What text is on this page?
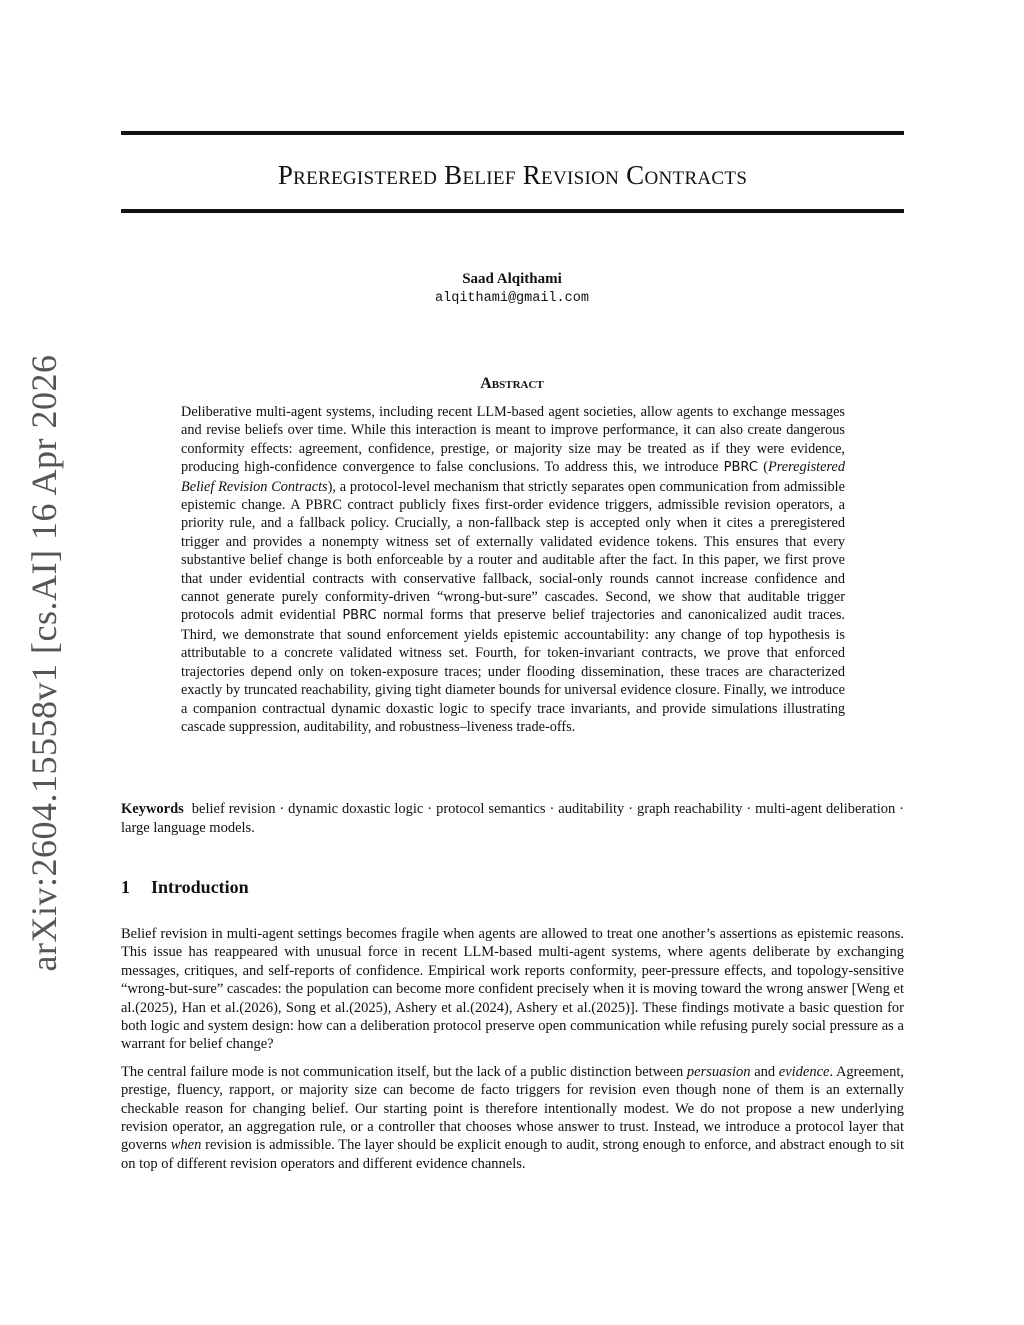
Preregistered Belief Revision Contracts
Saad Alqithami
alqithami@gmail.com
arXiv:2604.15558v1 [cs.AI] 16 Apr 2026	Abstract
Deliberative multi-agent systems, including recent LLM-based agent societies, allow agents to exchange messages and revise beliefs over time. While this interaction is meant to improve performance, it can also create dangerous conformity effects: agreement, confidence, prestige, or majority size may be treated as if they were evidence, producing high-confidence convergence to false conclusions. To address this, we introduce PBRC (Preregistered Belief Revision Contracts), a protocol-level mechanism that strictly separates open communication from admissible epistemic change. A PBRC contract publicly fixes first-order evidence triggers, admissible revision operators, a priority rule, and a fallback policy. Crucially, a non-fallback step is accepted only when it cites a preregistered trigger and provides a nonempty witness set of externally validated evidence tokens. This ensures that every substantive belief change is both enforceable by a router and auditable after the fact. In this paper, we first prove that under evidential contracts with conservative fallback, social-only rounds cannot increase confidence and cannot generate purely conformity-driven “wrong-but-sure” cascades. Second, we show that auditable trigger protocols admit evidential PBRC normal forms that preserve belief trajectories and canonicalized audit traces. Third, we demonstrate that sound enforcement yields epistemic accountability: any change of top hypothesis is attributable to a concrete validated witness set. Fourth, for token-invariant contracts, we prove that enforced trajectories depend only on token-exposure traces; under flooding dissemination, these traces are characterized exactly by truncated reachability, giving tight diameter bounds for universal evidence closure. Finally, we introduce a companion contractual dynamic doxastic logic to specify trace invariants, and provide simulations illustrating cascade suppression, auditability, and robustness–liveness trade-offs.
Keywords belief revision · dynamic doxastic logic · protocol semantics · auditability · graph reachability · multi-agent deliberation · large language models.
1 Introduction

Belief revision in multi-agent settings becomes fragile when agents are allowed to treat one another’s assertions as epistemic reasons. This issue has reappeared with unusual force in recent LLM-based multi-agent systems, where agents deliberate by exchanging messages, critiques, and self-reports of confidence. Empirical work reports conformity, peer-pressure effects, and topology-sensitive “wrong-but-sure” cascades: the population can become more confident precisely when it is moving toward the wrong answer [Weng et al.(2025), Han et al.(2026), Song et al.(2025), Ashery et al.(2024), Ashery et al.(2025)]. These findings motivate a basic question for both logic and system design: how can a deliberation protocol preserve open communication while refusing purely social pressure as a warrant for belief change?

The central failure mode is not communication itself, but the lack of a public distinction between persuasion and evidence. Agreement, prestige, fluency, rapport, or majority size can become de facto triggers for revision even though none of them is an externally checkable reason for changing belief. Our starting point is therefore intentionally modest. We do not propose a new underlying revision operator, an aggregation rule, or a controller that chooses whose answer to trust. Instead, we introduce a protocol layer that governs when revision is admissible. The layer should be explicit enough to audit, strong enough to enforce, and abstract enough to sit on top of different revision operators and different evidence channels.
